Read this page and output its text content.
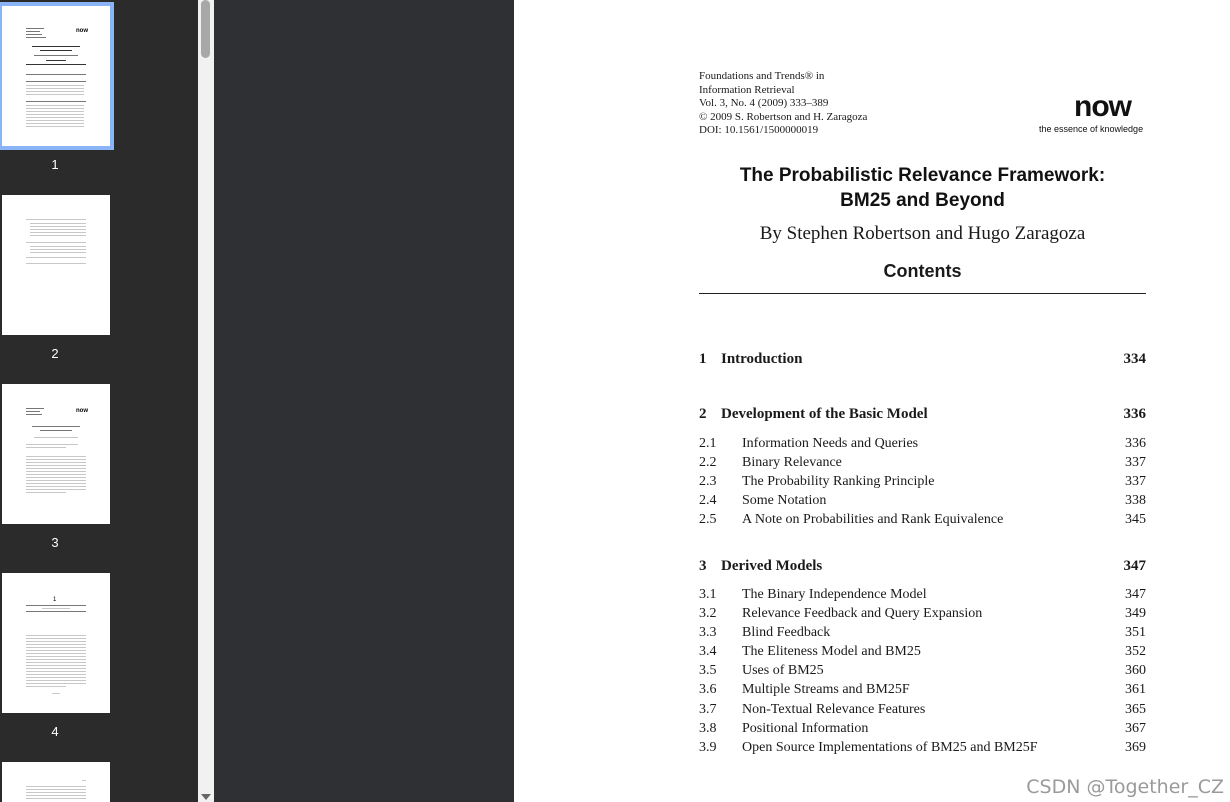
now
1
2
now
3
1
4
Foundations and Trends® in
Information Retrieval
Vol. 3, No. 4 (2009) 333–389
© 2009 S. Robertson and H. Zaragoza
DOI: 10.1561/1500000019
now
the essence of knowledge
The Probabilistic Relevance Framework:
BM25 and Beyond
By Stephen Robertson and Hugo Zaragoza
Contents
1 Introduction	334
2 Development of the Basic Model	336
2.1 Information Needs and Queries	336
2.2 Binary Relevance	337
2.3 The Probability Ranking Principle	337
2.4 Some Notation	338
2.5 A Note on Probabilities and Rank Equivalence	345
3 Derived Models	347
3.1 The Binary Independence Model	347
3.2 Relevance Feedback and Query Expansion	349
3.3 Blind Feedback	351
3.4 The Eliteness Model and BM25	352
3.5 Uses of BM25	360
3.6 Multiple Streams and BM25F	361
3.7 Non-Textual Relevance Features	365
3.8 Positional Information	367
3.9 Open Source Implementations of BM25 and BM25F	369
CSDN @Together_CZ
